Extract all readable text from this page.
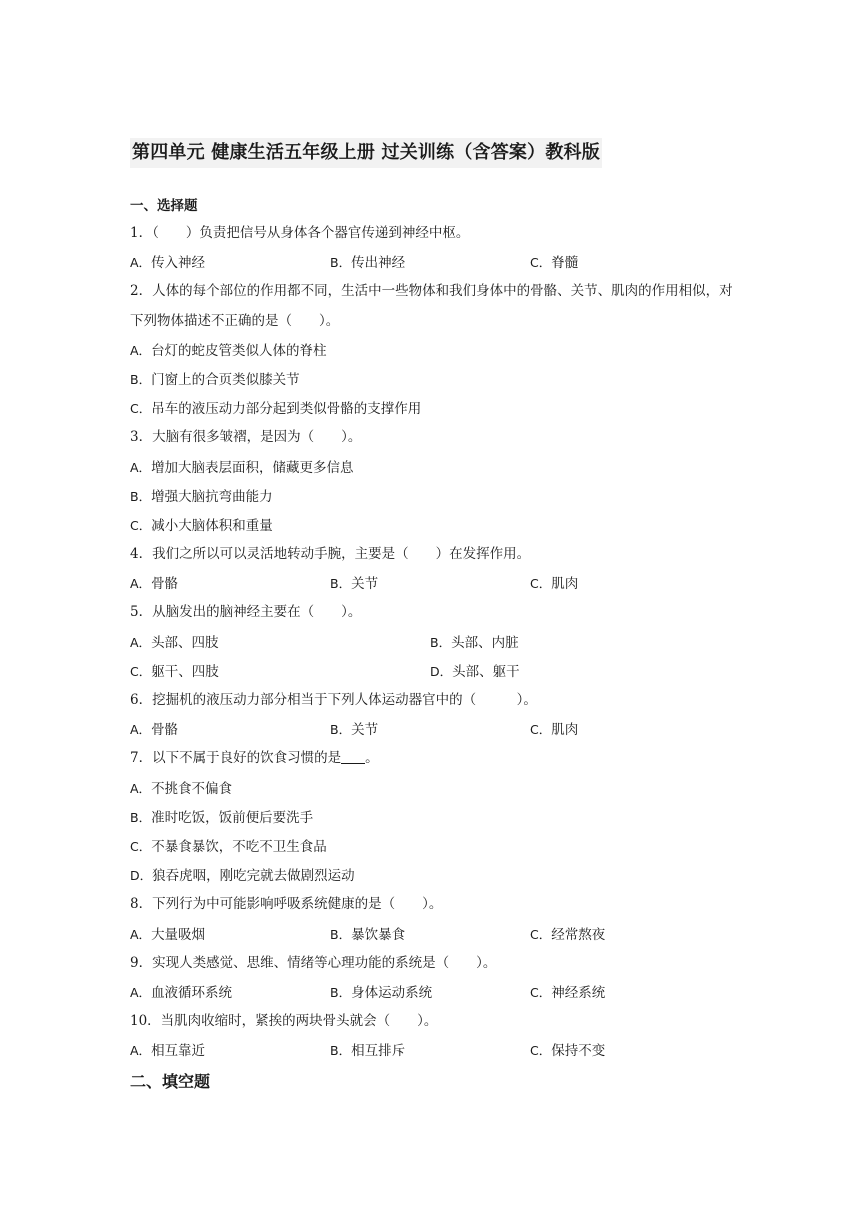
第四单元 健康生活五年级上册 过关训练（含答案）教科版
一、选择题
1．（　　）负责把信号从身体各个器官传递到神经中枢。
A．传入神经	B．传出神经	C．脊髓
2．人体的每个部位的作用都不同，生活中一些物体和我们身体中的骨骼、关节、肌肉的作用相似，对下列物体描述不正确的是（　　）。
A．台灯的蛇皮管类似人体的脊柱
B．门窗上的合页类似膝关节
C．吊车的液压动力部分起到类似骨骼的支撑作用
3．大脑有很多皱褶，是因为（　　）。
A．增加大脑表层面积，储藏更多信息
B．增强大脑抗弯曲能力
C．减小大脑体积和重量
4．我们之所以可以灵活地转动手腕，主要是（　　）在发挥作用。
A．骨骼	B．关节	C．肌肉
5．从脑发出的脑神经主要在（　　）。
A．头部、四肢	B．头部、内脏
C．躯干、四肢	D．头部、躯干
6．挖掘机的液压动力部分相当于下列人体运动器官中的（　　　）。
A．骨骼	B．关节	C．肌肉
7．以下不属于良好的饮食习惯的是 。
A．不挑食不偏食
B．准时吃饭，饭前便后要洗手
C．不暴食暴饮，不吃不卫生食品
D．狼吞虎咽，刚吃完就去做剧烈运动
8．下列行为中可能影响呼吸系统健康的是（　　）。
A．大量吸烟	B．暴饮暴食	C．经常熬夜
9．实现人类感觉、思维、情绪等心理功能的系统是（　　）。
A．血液循环系统	B．身体运动系统	C．神经系统
10．当肌肉收缩时，紧挨的两块骨头就会（　　）。
A．相互靠近	B．相互排斥	C．保持不变
二、填空题
